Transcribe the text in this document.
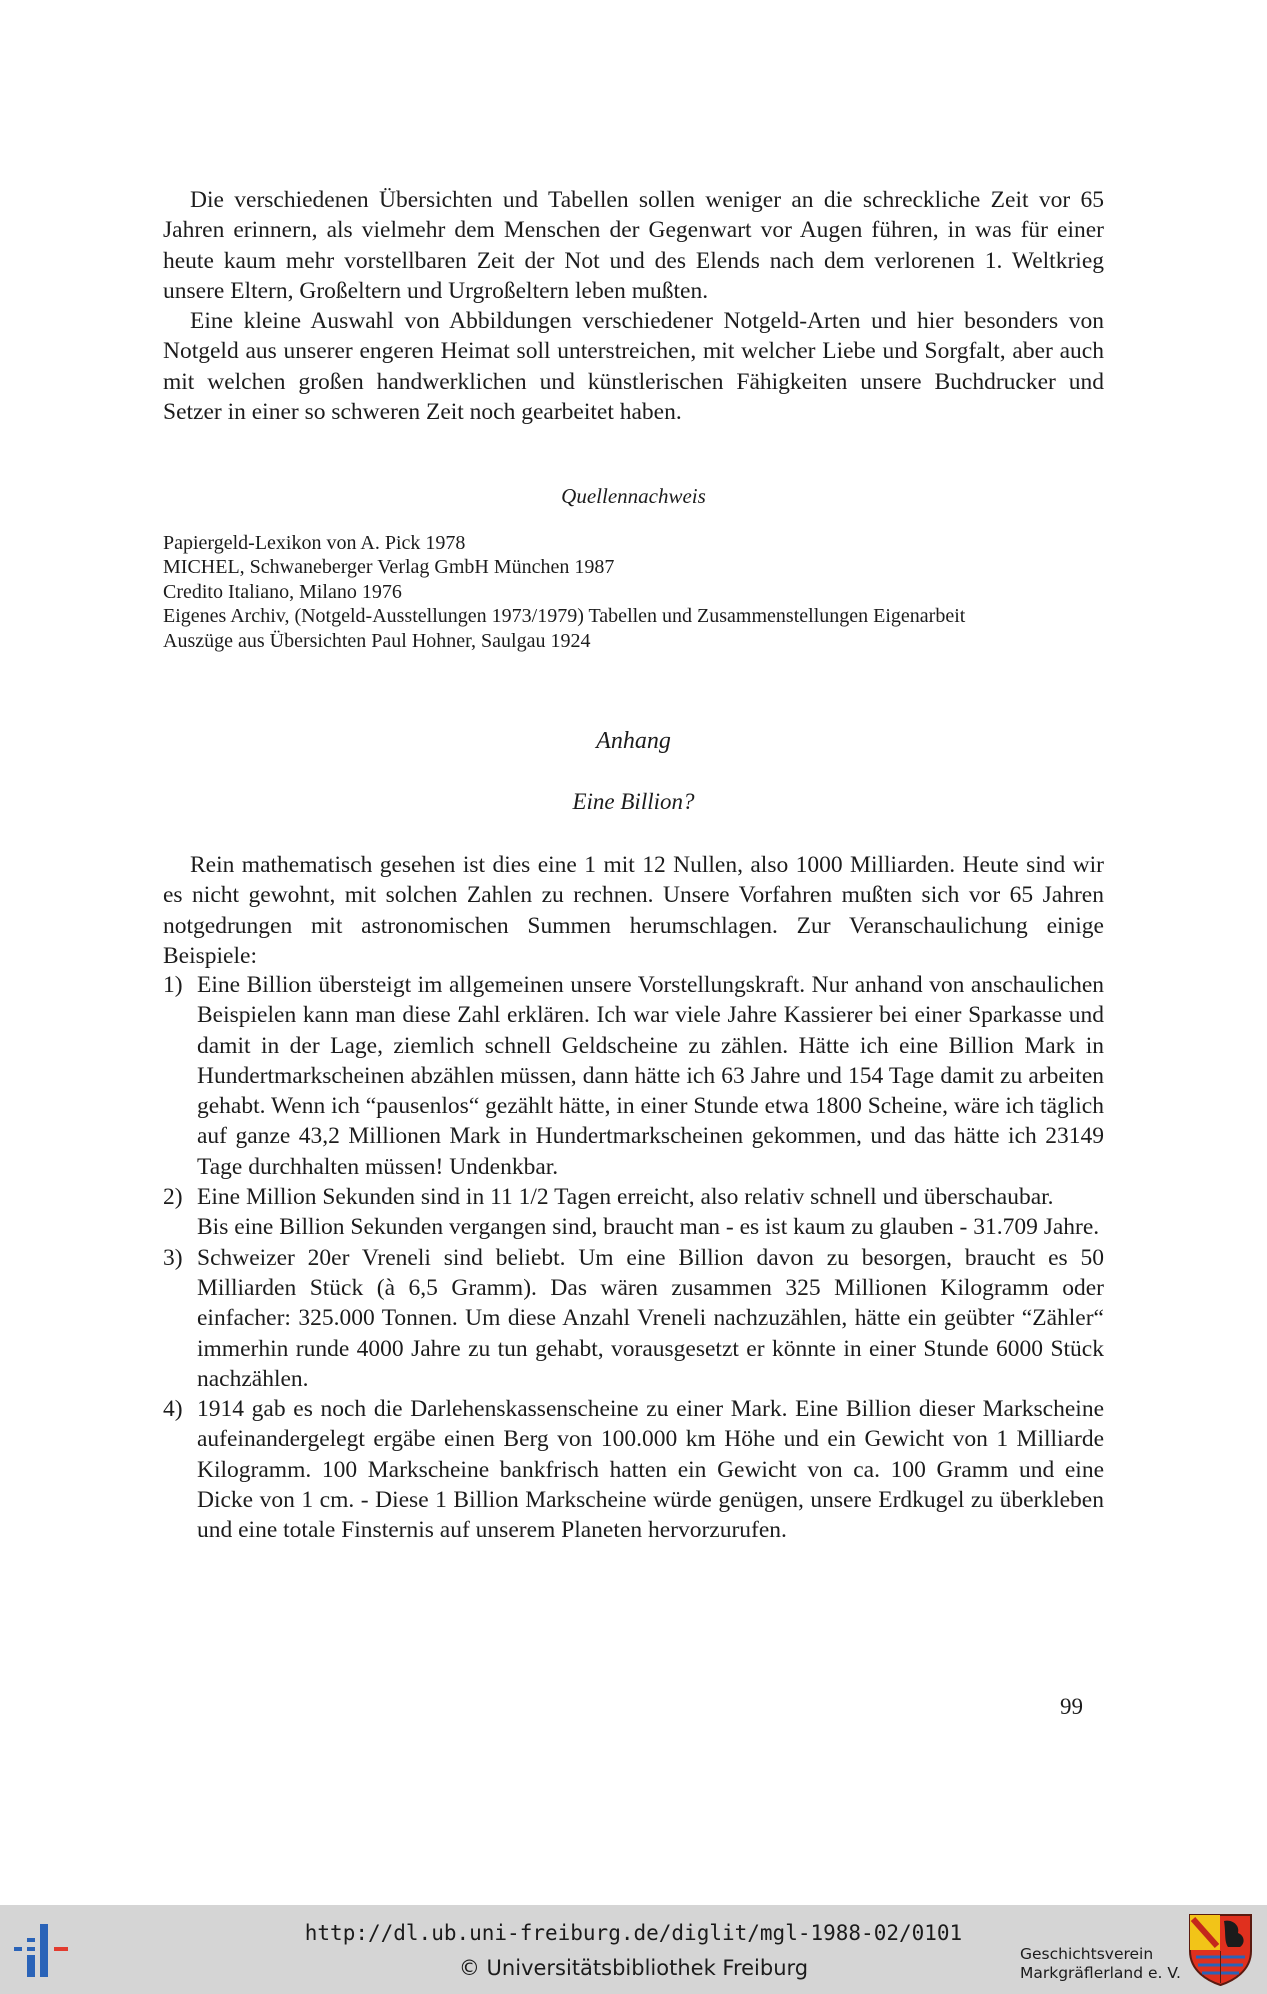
Die verschiedenen Übersichten und Tabellen sollen weniger an die schreckliche Zeit vor 65 Jahren erinnern, als vielmehr dem Menschen der Gegenwart vor Augen führen, in was für einer heute kaum mehr vorstellbaren Zeit der Not und des Elends nach dem verlorenen 1. Weltkrieg unsere Eltern, Großeltern und Urgroßeltern leben mußten.

Eine kleine Auswahl von Abbildungen verschiedener Notgeld-Arten und hier besonders von Notgeld aus unserer engeren Heimat soll unterstreichen, mit welcher Liebe und Sorgfalt, aber auch mit welchen großen handwerklichen und künstlerischen Fähigkeiten unsere Buchdrucker und Setzer in einer so schweren Zeit noch gearbeitet haben.

Quellennachweis
Papiergeld-Lexikon von A. Pick 1978
MICHEL, Schwaneberger Verlag GmbH München 1987
Credito Italiano, Milano 1976
Eigenes Archiv, (Notgeld-Ausstellungen 1973/1979) Tabellen und Zusammenstellungen Eigenarbeit
Auszüge aus Übersichten Paul Hohner, Saulgau 1924
Anhang
Eine Billion?

Rein mathematisch gesehen ist dies eine 1 mit 12 Nullen, also 1000 Milliarden. Heute sind wir es nicht gewohnt, mit solchen Zahlen zu rechnen. Unsere Vorfahren mußten sich vor 65 Jahren notgedrungen mit astronomischen Summen herumschlagen. Zur Veranschaulichung einige Beispiele:

1) Eine Billion übersteigt im allgemeinen unsere Vorstellungskraft. Nur anhand von anschaulichen Beispielen kann man diese Zahl erklären. Ich war viele Jahre Kassierer bei einer Sparkasse und damit in der Lage, ziemlich schnell Geldscheine zu zählen. Hätte ich eine Billion Mark in Hundertmarkscheinen abzählen müssen, dann hätte ich 63 Jahre und 154 Tage damit zu arbeiten gehabt. Wenn ich “pausenlos“ gezählt hätte, in einer Stunde etwa 1800 Scheine, wäre ich täglich auf ganze 43,2 Millionen Mark in Hundertmarkscheinen gekommen, und das hätte ich 23149 Tage durchhalten müssen! Undenkbar.
2) Eine Million Sekunden sind in 11 1/2 Tagen erreicht, also relativ schnell und überschaubar.
Bis eine Billion Sekunden vergangen sind, braucht man - es ist kaum zu glauben - 31.709 Jahre.
3) Schweizer 20er Vreneli sind beliebt. Um eine Billion davon zu besorgen, braucht es 50 Milliarden Stück (à 6,5 Gramm). Das wären zusammen 325 Millionen Kilogramm oder einfacher: 325.000 Tonnen. Um diese Anzahl Vreneli nachzuzählen, hätte ein geübter “Zähler“ immerhin runde 4000 Jahre zu tun gehabt, vorausgesetzt er könnte in einer Stunde 6000 Stück nachzählen.
4) 1914 gab es noch die Darlehenskassenscheine zu einer Mark. Eine Billion dieser Markscheine aufeinandergelegt ergäbe einen Berg von 100.000 km Höhe und ein Gewicht von 1 Milliarde Kilogramm. 100 Markscheine bankfrisch hatten ein Gewicht von ca. 100 Gramm und eine Dicke von 1 cm. - Diese 1 Billion Markscheine würde genügen, unsere Erdkugel zu überkleben und eine totale Finsternis auf unserem Planeten hervorzurufen.
99
http://dl.ub.uni-freiburg.de/diglit/mgl-1988-02/0101
© Universitätsbibliothek Freiburg
Geschichtsverein
Markgräflerland e. V.
